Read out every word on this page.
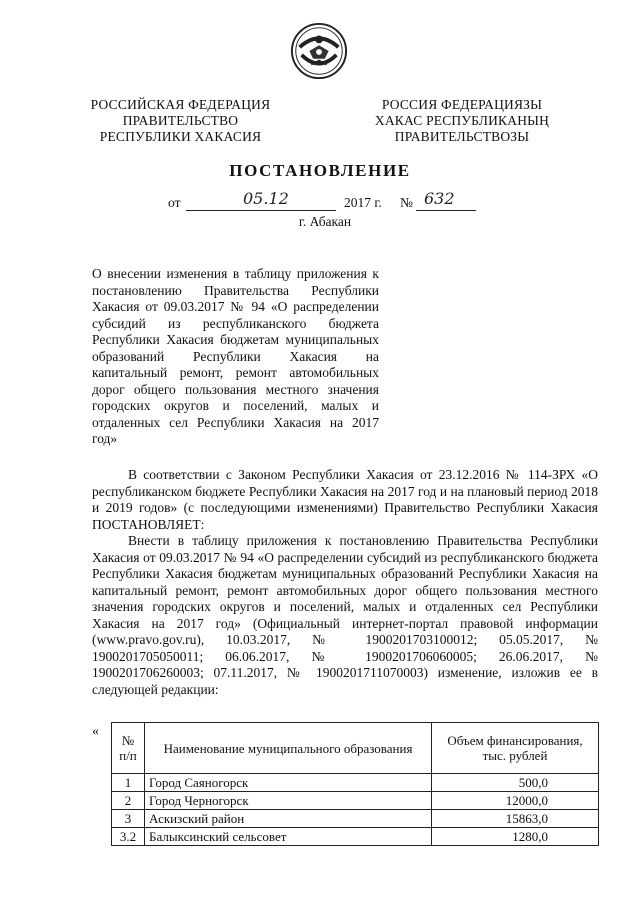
РОССИЙСКАЯ ФЕДЕРАЦИЯ
ПРАВИТЕЛЬСТВО
РЕСПУБЛИКИ ХАКАСИЯ
РОССИЯ ФЕДЕРАЦИЯЗЫ
ХАКАС РЕСПУБЛИКАНЫҢ
ПРАВИТЕЛЬСТВОЗЫ
ПОСТАНОВЛЕНИЕ
от	05.12	2017 г. № 632
г. Абакан
О внесении изменения в таблицу приложения к постановлению Правительства Республики Хакасия от 09.03.2017 № 94 «О распределении субсидий из республиканского бюджета Республики Хакасия бюджетам муниципальных образований Республики Хакасия на капитальный ремонт, ремонт автомобильных дорог общего пользования местного значения городских округов и поселений, малых и отдаленных сел Республики Хакасия на 2017 год»

В соответствии с Законом Республики Хакасия от 23.12.2016 № 114-ЗРХ «О республиканском бюджете Республики Хакасия на 2017 год и на плановый период 2018 и 2019 годов» (с последующими изменениями) Правительство Республики Хакасия ПОСТАНОВЛЯЕТ:

Внести в таблицу приложения к постановлению Правительства Республики Хакасия от 09.03.2017 № 94 «О распределении субсидий из республиканского бюджета Республики Хакасия бюджетам муниципальных образований Республики Хакасия на капитальный ремонт, ремонт автомобильных дорог общего пользования местного значения городских округов и поселений, малых и отдаленных сел Республики Хакасия на 2017 год» (Официальный интернет-портал правовой информации (www.pravo.gov.ru), 10.03.2017, № 1900201703100012; 05.05.2017, № 1900201705050011; 06.06.2017, № 1900201706060005; 26.06.2017, № 1900201706260003; 07.11.2017, № 1900201711070003) изменение, изложив ее в следующей редакции:

«
№ п/п	Наименование муниципального образования	Объем финансирования, тыс. рублей
1	Город Саяногорск	500,0
2	Город Черногорск	12000,0
3	Аскизский район	15863,0
3.2	Балыксинский сельсовет	1280,0
